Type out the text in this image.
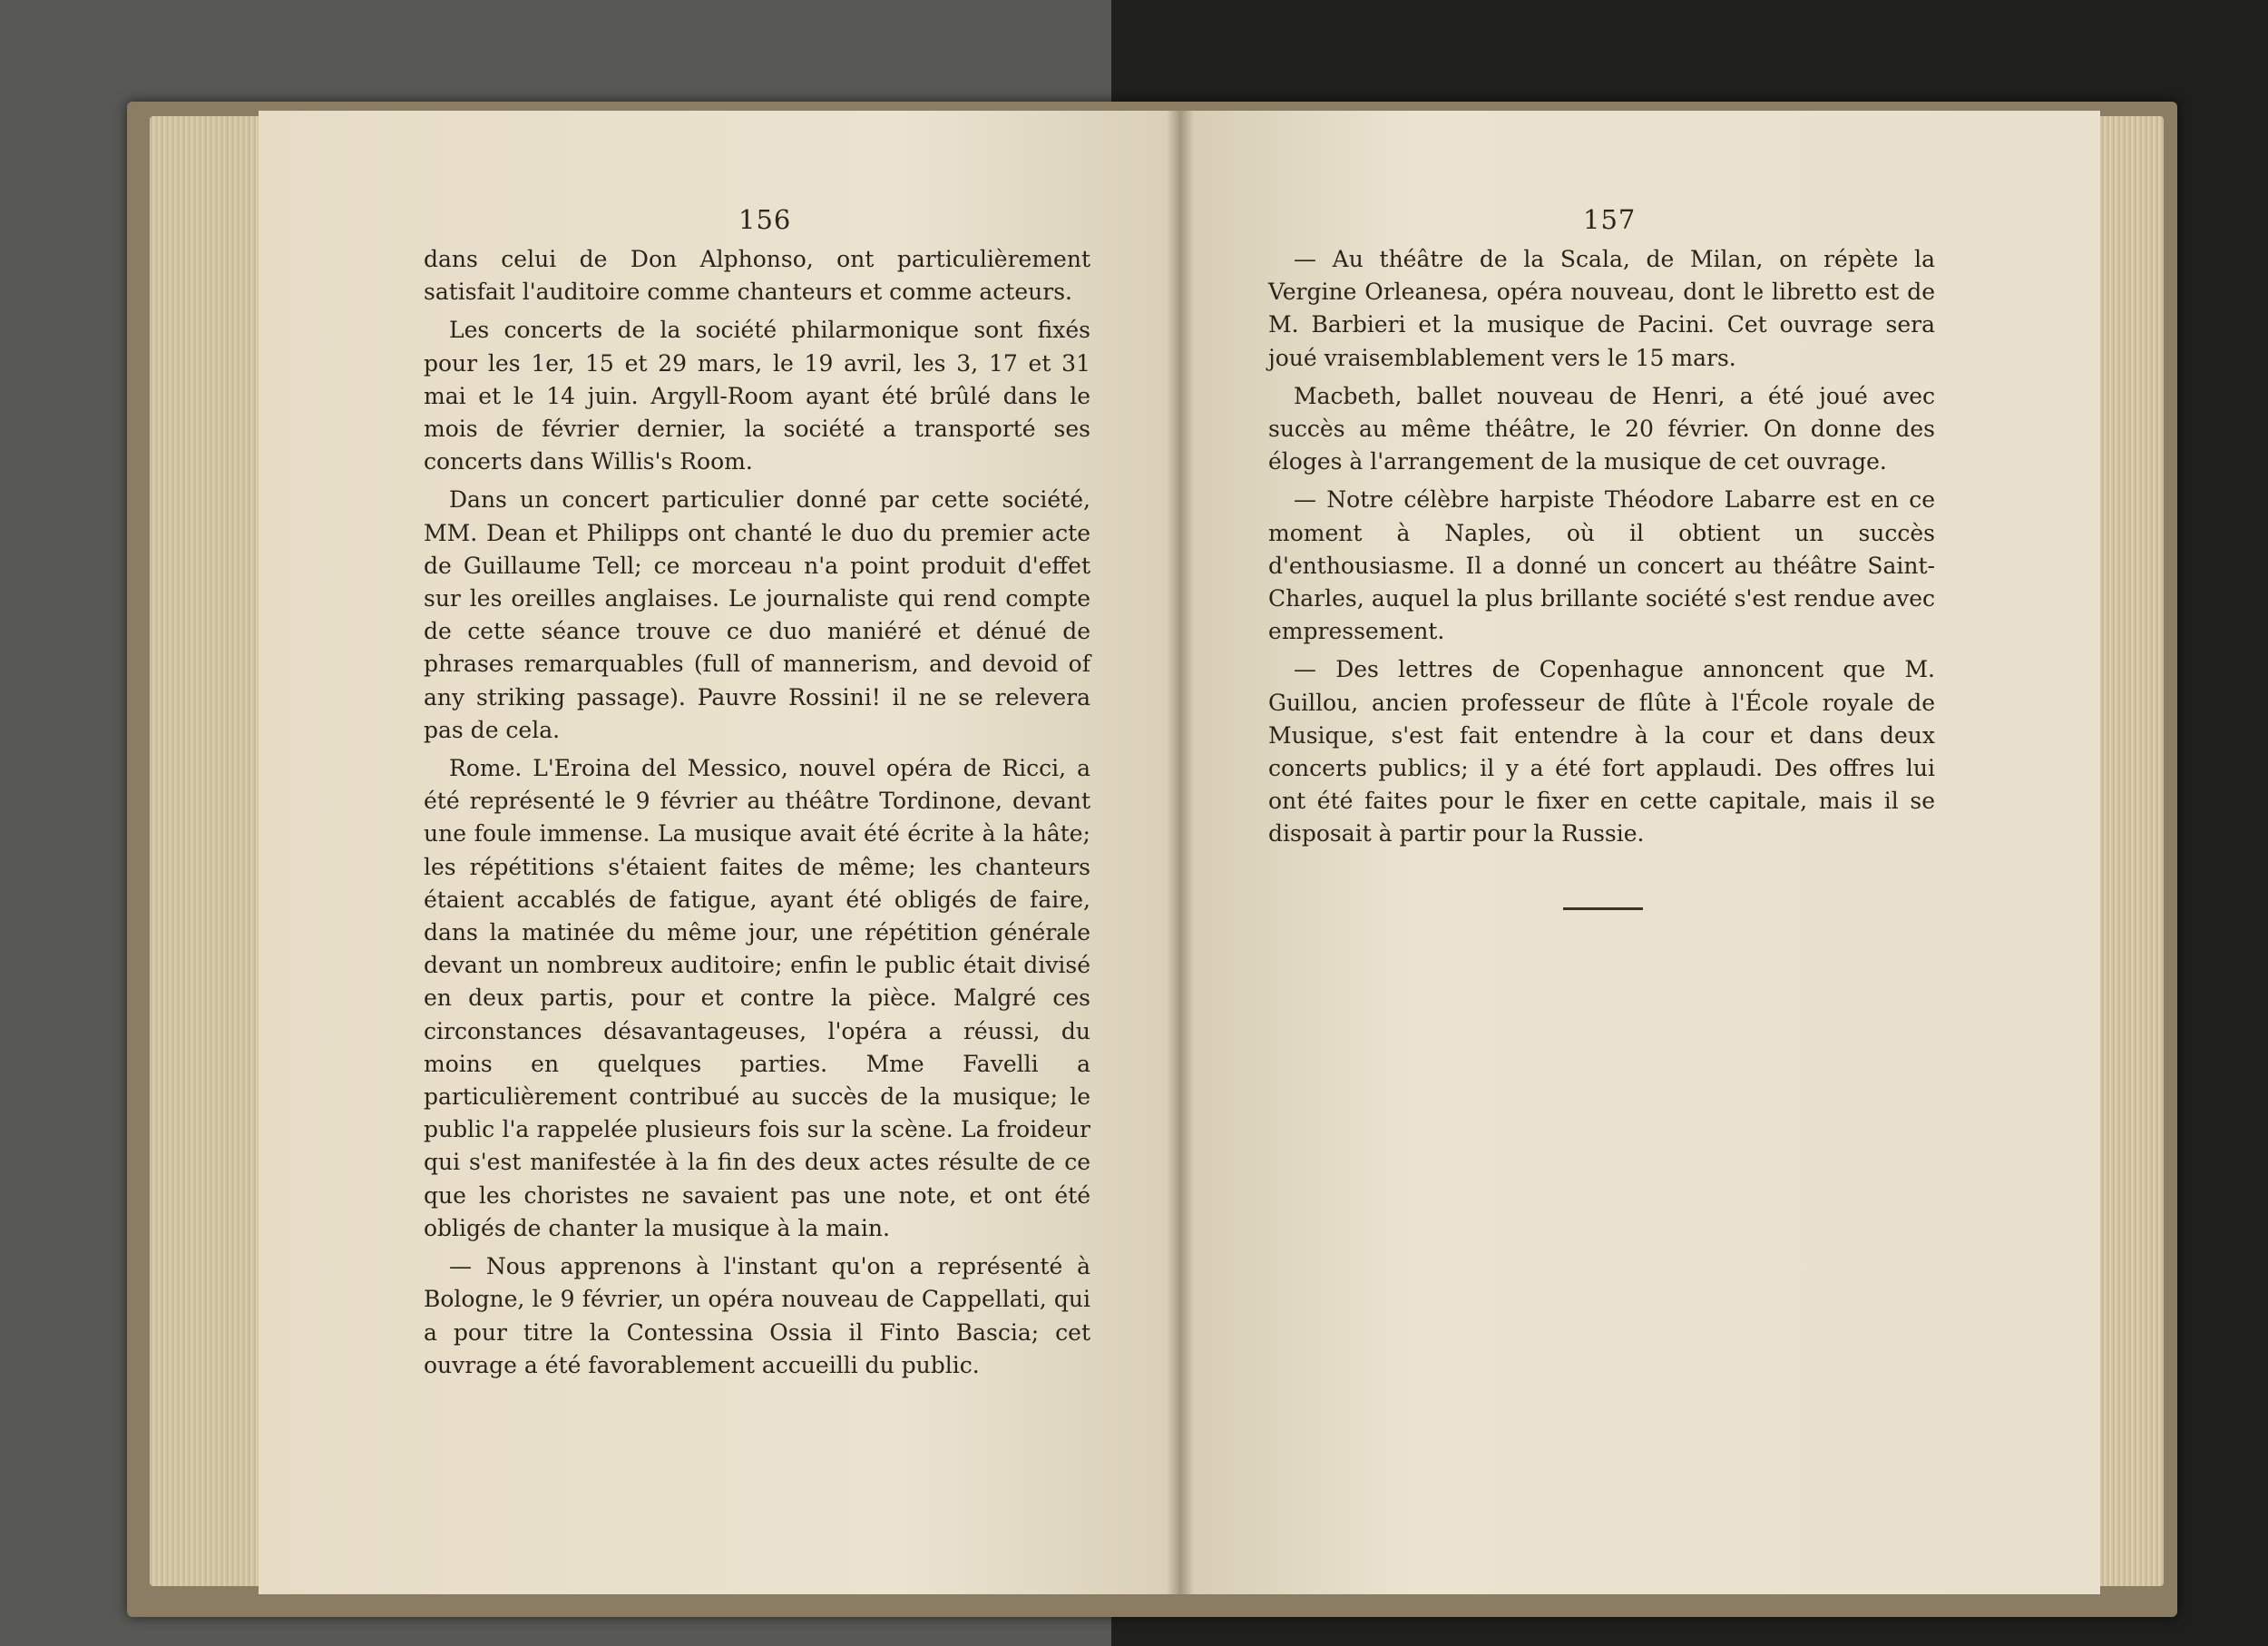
156	157

dans celui de Don Alphonso, ont particulièrement satisfait l'auditoire comme chanteurs et comme acteurs.

Les concerts de la société philarmonique sont fixés pour les 1er, 15 et 29 mars, le 19 avril, les 3, 17 et 31 mai et le 14 juin. Argyll-Room ayant été brûlé dans le mois de février dernier, la société a transporté ses concerts dans Willis's Room.

Dans un concert particulier donné par cette société, MM. Dean et Philipps ont chanté le duo du premier acte de Guillaume Tell; ce morceau n'a point produit d'effet sur les oreilles anglaises. Le journaliste qui rend compte de cette séance trouve ce duo maniéré et dénué de phrases remarquables (full of mannerism, and devoid of any striking passage). Pauvre Rossini! il ne se relevera pas de cela.

Rome. L'Eroina del Messico, nouvel opéra de Ricci, a été représenté le 9 février au théâtre Tordinone, devant une foule immense. La musique avait été écrite à la hâte; les répétitions s'étaient faites de même; les chanteurs étaient accablés de fatigue, ayant été obligés de faire, dans la matinée du même jour, une répétition générale devant un nombreux auditoire; enfin le public était divisé en deux partis, pour et contre la pièce. Malgré ces circonstances désavantageuses, l'opéra a réussi, du moins en quelques parties. Mme Favelli a particulièrement contribué au succès de la musique; le public l'a rappelée plusieurs fois sur la scène. La froideur qui s'est manifestée à la fin des deux actes résulte de ce que les choristes ne savaient pas une note, et ont été obligés de chanter la musique à la main.

— Nous apprenons à l'instant qu'on a représenté à Bologne, le 9 février, un opéra nouveau de Cappellati, qui a pour titre la Contessina Ossia il Finto Bascia; cet ouvrage a été favorablement accueilli du public.

— Au théâtre de la Scala, de Milan, on répète la Vergine Orleanesa, opéra nouveau, dont le libretto est de M. Barbieri et la musique de Pacini. Cet ouvrage sera joué vraisemblablement vers le 15 mars.

Macbeth, ballet nouveau de Henri, a été joué avec succès au même théâtre, le 20 février. On donne des éloges à l'arrangement de la musique de cet ouvrage.

— Notre célèbre harpiste Théodore Labarre est en ce moment à Naples, où il obtient un succès d'enthousiasme. Il a donné un concert au théâtre Saint-Charles, auquel la plus brillante société s'est rendue avec empressement.

— Des lettres de Copenhague annoncent que M. Guillou, ancien professeur de flûte à l'École royale de Musique, s'est fait entendre à la cour et dans deux concerts publics; il y a été fort applaudi. Des offres lui ont été faites pour le fixer en cette capitale, mais il se disposait à partir pour la Russie.
